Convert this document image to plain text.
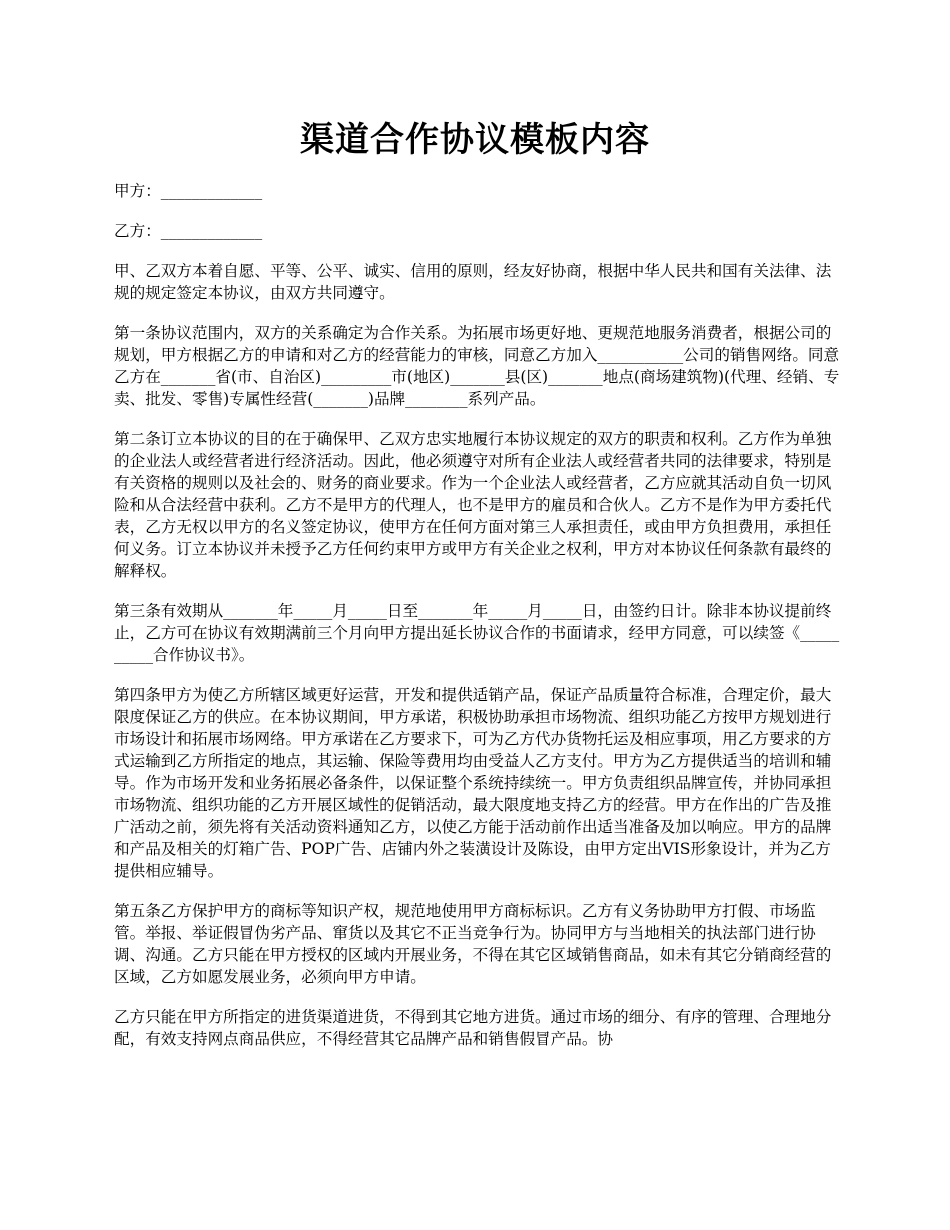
渠道合作协议模板内容

甲方：_____________

乙方：_____________

甲、乙双方本着自愿、平等、公平、诚实、信用的原则，经友好协商，根据中华人民共和国有关法律、法规的规定签定本协议，由双方共同遵守。

第一条协议范围内，双方的关系确定为合作关系。为拓展市场更好地、更规范地服务消费者，根据公司的规划，甲方根据乙方的申请和对乙方的经营能力的审核，同意乙方加入___________公司的销售网络。同意乙方在_______省(市、自治区)_________市(地区)_______县(区)_______地点(商场建筑物)(代理、经销、专卖、批发、零售)专属性经营(_______)品牌________系列产品。

第二条订立本协议的目的在于确保甲、乙双方忠实地履行本协议规定的双方的职责和权利。乙方作为单独的企业法人或经营者进行经济活动。因此，他必须遵守对所有企业法人或经营者共同的法律要求，特别是有关资格的规则以及社会的、财务的商业要求。作为一个企业法人或经营者，乙方应就其活动自负一切风险和从合法经营中获利。乙方不是甲方的代理人，也不是甲方的雇员和合伙人。乙方不是作为甲方委托代表，乙方无权以甲方的名义签定协议，使甲方在任何方面对第三人承担责任，或由甲方负担费用，承担任何义务。订立本协议并未授予乙方任何约束甲方或甲方有关企业之权利，甲方对本协议任何条款有最终的解释权。

第三条有效期从_______年_____月_____日至_______年_____月_____日，由签约日计。除非本协议提前终止，乙方可在协议有效期满前三个月向甲方提出延长协议合作的书面请求，经甲方同意，可以续签《__________合作协议书》。

第四条甲方为使乙方所辖区域更好运营，开发和提供适销产品，保证产品质量符合标准，合理定价，最大限度保证乙方的供应。在本协议期间，甲方承诺，积极协助承担市场物流、组织功能乙方按甲方规划进行市场设计和拓展市场网络。甲方承诺在乙方要求下，可为乙方代办货物托运及相应事项，用乙方要求的方式运输到乙方所指定的地点，其运输、保险等费用均由受益人乙方支付。甲方为乙方提供适当的培训和辅导。作为市场开发和业务拓展必备条件，以保证整个系统持续统一。甲方负责组织品牌宣传，并协同承担市场物流、组织功能的乙方开展区域性的促销活动，最大限度地支持乙方的经营。甲方在作出的广告及推广活动之前，须先将有关活动资料通知乙方，以使乙方能于活动前作出适当准备及加以响应。甲方的品牌和产品及相关的灯箱广告、POP广告、店铺内外之装潢设计及陈设，由甲方定出VIS形象设计，并为乙方提供相应辅导。

第五条乙方保护甲方的商标等知识产权，规范地使用甲方商标标识。乙方有义务协助甲方打假、市场监管。举报、举证假冒伪劣产品、窜货以及其它不正当竞争行为。协同甲方与当地相关的执法部门进行协调、沟通。乙方只能在甲方授权的区域内开展业务，不得在其它区域销售商品，如未有其它分销商经营的区域，乙方如愿发展业务，必须向甲方申请。

乙方只能在甲方所指定的进货渠道进货，不得到其它地方进货。通过市场的细分、有序的管理、合理地分配，有效支持网点商品供应，不得经营其它品牌产品和销售假冒产品。协
